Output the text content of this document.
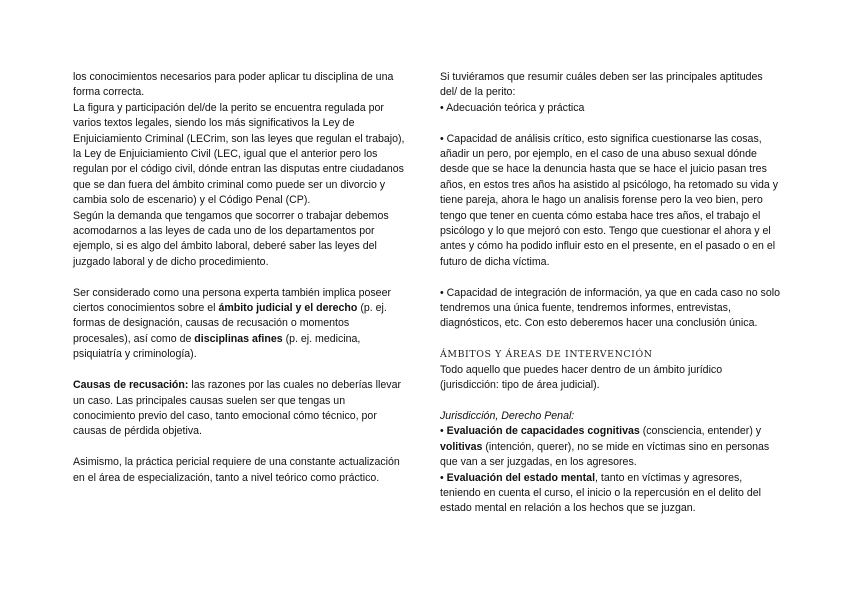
los conocimientos necesarios para poder aplicar tu disciplina de una forma correcta.

La figura y participación del/de la perito se encuentra regulada por varios textos legales, siendo los más significativos la Ley de Enjuiciamiento Criminal (LECrim, son las leyes que regulan el trabajo), la Ley de Enjuiciamiento Civil (LEC, igual que el anterior pero los regulan por el código civil, dónde entran las disputas entre ciudadanos que se dan fuera del ámbito criminal como puede ser un divorcio y cambia solo de escenario) y el Código Penal (CP).

Según la demanda que tengamos que socorrer o trabajar debemos acomodarnos a las leyes de cada uno de los departamentos por ejemplo, si es algo del ámbito laboral, deberé saber las leyes del juzgado laboral y de dicho procedimiento.

Ser considerado como una persona experta también implica poseer ciertos conocimientos sobre el ámbito judicial y el derecho (p. ej. formas de designación, causas de recusación o momentos procesales), así como de disciplinas afines (p. ej. medicina, psiquiatría y criminología).

Causas de recusación: las razones por las cuales no deberías llevar un caso. Las principales causas suelen ser que tengas un conocimiento previo del caso, tanto emocional cómo técnico, por causas de pérdida objetiva.

Asimismo, la práctica pericial requiere de una constante actualización en el área de especialización, tanto a nivel teórico como práctico.

Si tuviéramos que resumir cuáles deben ser las principales aptitudes del/ de la perito:

• Adecuación teórica y práctica

• Capacidad de análisis crítico, esto significa cuestionarse las cosas, añadir un pero, por ejemplo, en el caso de una abuso sexual dónde desde que se hace la denuncia hasta que se hace el juicio pasan tres años, en estos tres años ha asistido al psicólogo, ha retomado su vida y tiene pareja, ahora le hago un analisis forense pero la veo bien, pero tengo que tener en cuenta cómo estaba hace tres años, el trabajo el psicólogo y lo que mejoró con esto. Tengo que cuestionar el ahora y el antes y cómo ha podido influir esto en el presente, en el pasado o en el futuro de dicha víctima.

• Capacidad de integración de información, ya que en cada caso no solo tendremos una única fuente, tendremos informes, entrevistas, diagnósticos, etc. Con esto deberemos hacer una conclusión única.

ÁMBITOS Y ÁREAS DE INTERVENCIÓN

Todo aquello que puedes hacer dentro de un ámbito jurídico (jurisdicción: tipo de área judicial).

Jurisdicción, Derecho Penal:

• Evaluación de capacidades cognitivas (consciencia, entender) y volitivas (intención, querer), no se mide en víctimas sino en personas que van a ser juzgadas, en los agresores.

• Evaluación del estado mental, tanto en víctimas y agresores, teniendo en cuenta el curso, el inicio o la repercusión en el delito del estado mental en relación a los hechos que se juzgan.
